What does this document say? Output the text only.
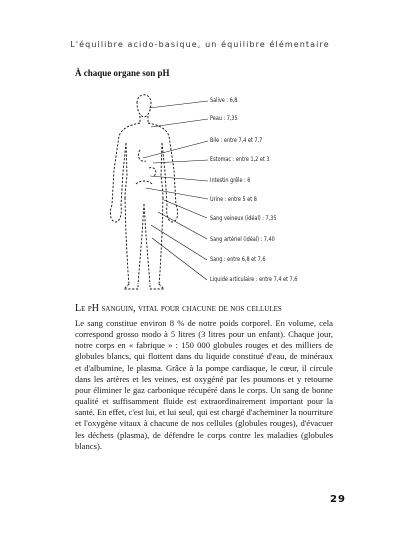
L'équilibre acido-basique, un équilibre élémentaire
À chaque organe son pH
Salive : 6,8
Peau : 7,35
Bile : entre 7,4 et 7,7
Estomac : entre 1,2 et 3
Intestin grêle : 6
Urine : entre 5 et 8
Sang veineux (idéal) : 7,35
Sang artériel (idéal) : 7,40
Sang : entre 6,8 et 7,6
Liquide articulaire : entre 7,4 et 7,6
Le pH sanguin, vital pour chacune de nos cellules

Le sang constitue environ 8 % de notre poids corporel. En volume, cela correspond grosso modo à 5 litres (3 litres pour un enfant). Chaque jour, notre corps en « fabrique » : 150 000 globules rouges et des milliers de globules blancs, qui flottent dans du liquide constitué d'eau, de minéraux et d'albumine, le plasma. Grâce à la pompe cardiaque, le cœur, il circule dans les artères et les veines, est oxygéné par les poumons et y retourne pour éliminer le gaz carbonique récupéré dans le corps. Un sang de bonne qualité et suffisamment fluide est extraordinairement important pour la santé. En effet, c'est lui, et lui seul, qui est chargé d'acheminer la nourriture et l'oxygène vitaux à chacune de nos cellules (globules rouges), d'évacuer les déchets (plasma), de défendre le corps contre les maladies (globules blancs).

29
